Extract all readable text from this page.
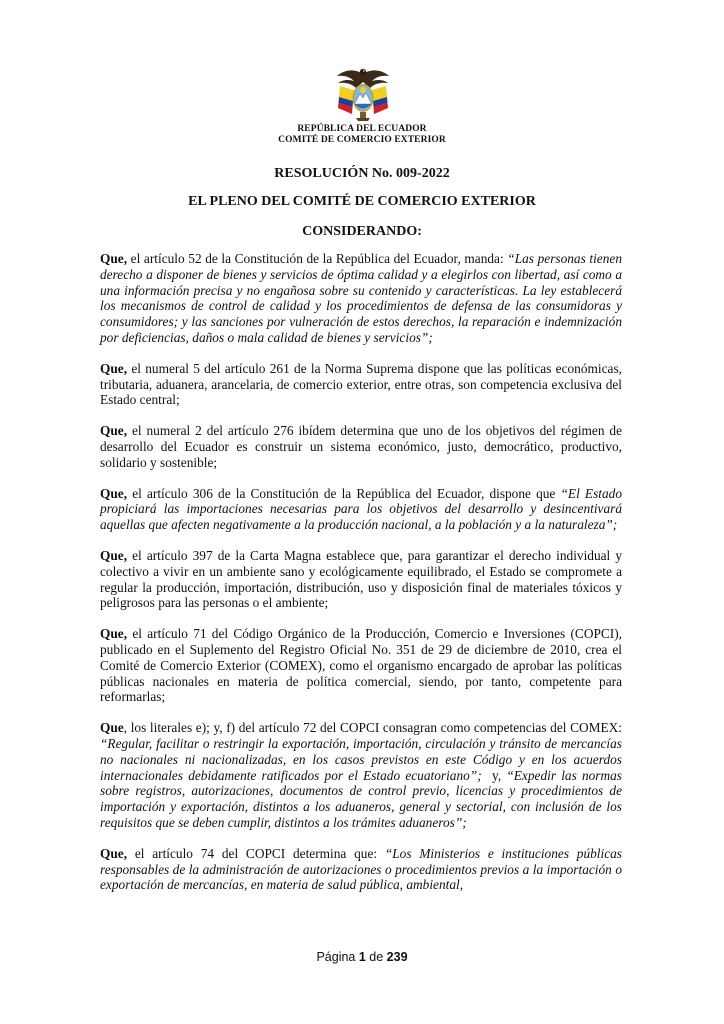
REPÚBLICA DEL ECUADOR
COMITÉ DE COMERCIO EXTERIOR
RESOLUCIÓN No. 009-2022
EL PLENO DEL COMITÉ DE COMERCIO EXTERIOR
CONSIDERANDO:

Que, el artículo 52 de la Constitución de la República del Ecuador, manda: “Las personas tienen derecho a disponer de bienes y servicios de óptima calidad y a elegirlos con libertad, así como a una información precisa y no engañosa sobre su contenido y características. La ley establecerá los mecanismos de control de calidad y los procedimientos de defensa de las consumidoras y consumidores; y las sanciones por vulneración de estos derechos, la reparación e indemnización por deficiencias, daños o mala calidad de bienes y servicios”;

Que, el numeral 5 del artículo 261 de la Norma Suprema dispone que las políticas económicas, tributaria, aduanera, arancelaria, de comercio exterior, entre otras, son competencia exclusiva del Estado central;

Que, el numeral 2 del artículo 276 ibídem determina que uno de los objetivos del régimen de desarrollo del Ecuador es construir un sistema económico, justo, democrático, productivo, solidario y sostenible;

Que, el artículo 306 de la Constitución de la República del Ecuador, dispone que “El Estado propiciará las importaciones necesarias para los objetivos del desarrollo y desincentivará aquellas que afecten negativamente a la producción nacional, a la población y a la naturaleza”;

Que, el artículo 397 de la Carta Magna establece que, para garantizar el derecho individual y colectivo a vivir en un ambiente sano y ecológicamente equilibrado, el Estado se compromete a regular la producción, importación, distribución, uso y disposición final de materiales tóxicos y peligrosos para las personas o el ambiente;

Que, el artículo 71 del Código Orgánico de la Producción, Comercio e Inversiones (COPCI), publicado en el Suplemento del Registro Oficial No. 351 de 29 de diciembre de 2010, crea el Comité de Comercio Exterior (COMEX), como el organismo encargado de aprobar las políticas públicas nacionales en materia de política comercial, siendo, por tanto, competente para reformarlas;

Que, los literales e); y, f) del artículo 72 del COPCI consagran como competencias del COMEX: “Regular, facilitar o restringir la exportación, importación, circulación y tránsito de mercancías no nacionales ni nacionalizadas, en los casos previstos en este Código y en los acuerdos internacionales debidamente ratificados por el Estado ecuatoriano”;  y, “Expedir las normas sobre registros, autorizaciones, documentos de control previo, licencias y procedimientos de importación y exportación, distintos a los aduaneros, general y sectorial, con inclusión de los requisitos que se deben cumplir, distintos a los trámites aduaneros”;

Que, el artículo 74 del COPCI determina que: “Los Ministerios e instituciones públicas responsables de la administración de autorizaciones o procedimientos previos a la importación o exportación de mercancías, en materia de salud pública, ambiental,

Página 1 de 239
